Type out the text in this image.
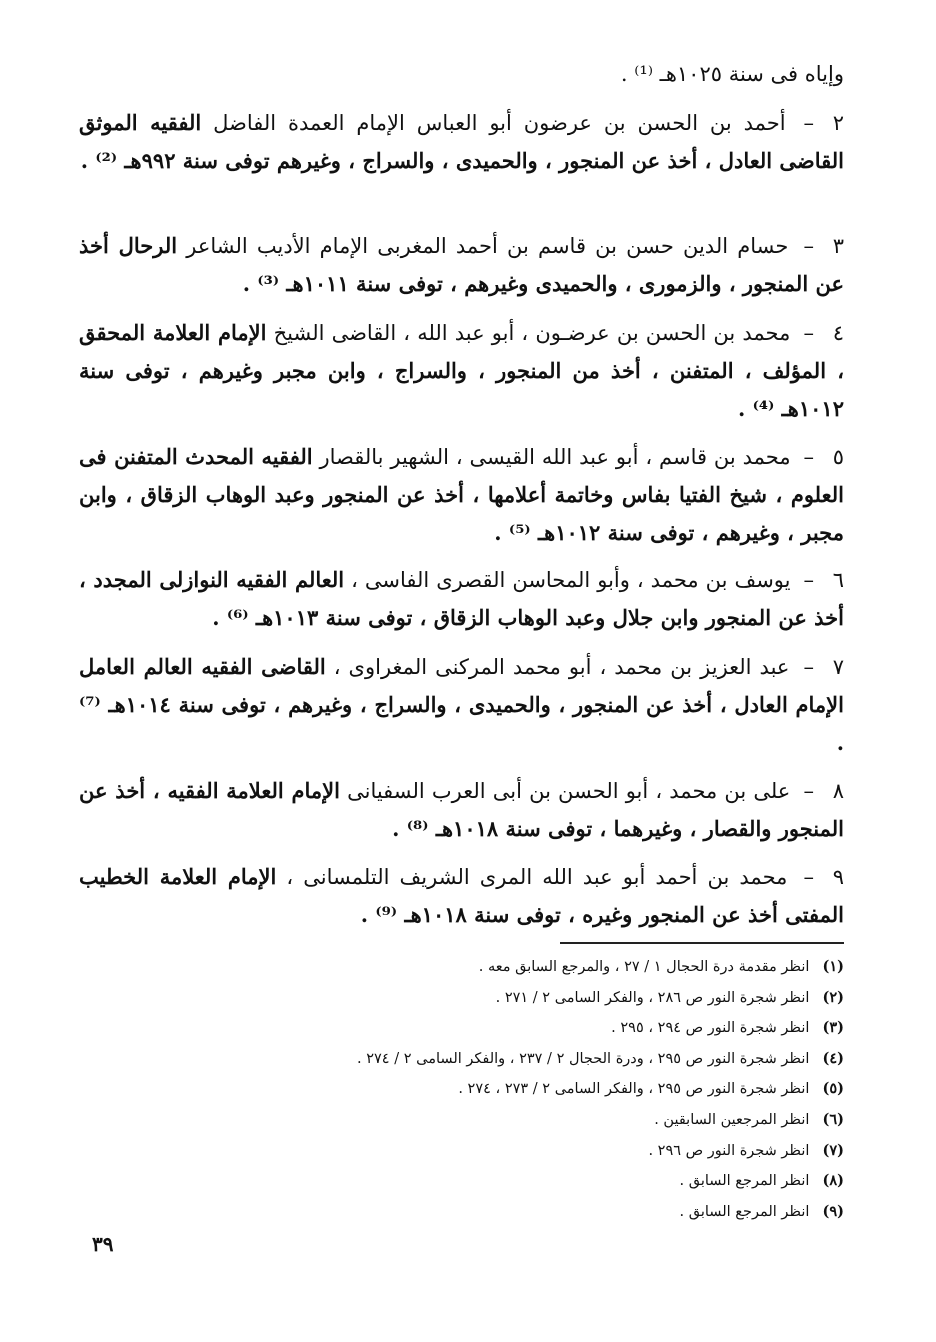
وإياه فى سنة ١٠٢٥هـ ⁽¹⁾ .
٢– أحمد بن الحسن بن عرضون أبو العباس الإمام العمدة الفاضل الفقيه الموثق القاضى العادل ، أخذ عن المنجور ، والحميدى ، والسراج ، وغيرهم توفى سنة ٩٩٢هـ ⁽²⁾ .
٣– حسام الدين حسن بن قاسم بن أحمد المغربى الإمام الأديب الشاعر الرحال أخذ عن المنجور ، والزمورى ، والحميدى وغيرهم ، توفى سنة ١٠١١هـ ⁽³⁾ .
٤– محمد بن الحسن بن عرضـون ، أبو عبد الله ، القاضى الشيخ الإمام العلامة المحقق ، المؤلف ، المتفنن ، أخذ من المنجور ، والسراج ، وابن مجبر وغيرهم ، توفى سنة ١٠١٢هـ ⁽⁴⁾ .
٥– محمد بن قاسم ، أبو عبد الله القيسى ، الشهير بالقصار الفقيه المحدث المتفنن فى العلوم ، شيخ الفتيا بفاس وخاتمة أعلامها ، أخذ عن المنجور وعبد الوهاب الزقاق ، وابن مجبر ، وغيرهم ، توفى سنة ١٠١٢هـ ⁽⁵⁾ .
٦– يوسف بن محمد ، وأبو المحاسن القصرى الفاسى ، العالم الفقيه النوازلى المجدد ، أخذ عن المنجور وابن جلال وعبد الوهاب الزقاق ، توفى سنة ١٠١٣هـ ⁽⁶⁾ .
٧– عبد العزيز بن محمد ، أبو محمد المركنى المغراوى ، القاضى الفقيه العالم العامل الإمام العادل ، أخذ عن المنجور ، والحميدى ، والسراج ، وغيرهم ، توفى سنة ١٠١٤هـ ⁽⁷⁾ .
٨– على بن محمد ، أبو الحسن بن أبى العرب السفيانى الإمام العلامة الفقيه ، أخذ عن المنجور والقصار ، وغيرهما ، توفى سنة ١٠١٨هـ ⁽⁸⁾ .
٩– محمد بن أحمد أبو عبد الله المرى الشريف التلمسانى ، الإمام العلامة الخطيب المفتى أخذ عن المنجور وغيره ، توفى سنة ١٠١٨هـ ⁽⁹⁾ .
(١) انظر مقدمة درة الحجال ١ / ٢٧ ، والمرجع السابق معه .
(٢) انظر شجرة النور ص ٢٨٦ ، والفكر السامى ٢ / ٢٧١ .
(٣) انظر شجرة النور ص ٢٩٤ ، ٢٩٥ .
(٤) انظر شجرة النور ص ٢٩٥ ، ودرة الحجال ٢ / ٢٣٧ ، والفكر السامى ٢ / ٢٧٤ .
(٥) انظر شجرة النور ص ٢٩٥ ، والفكر السامى ٢ / ٢٧٣ ، ٢٧٤ .
(٦) انظر المرجعين السابقين .
(٧) انظر شجرة النور ص ٢٩٦ .
(٨) انظر المرجع السابق .
(٩) انظر المرجع السابق .
٣٩
